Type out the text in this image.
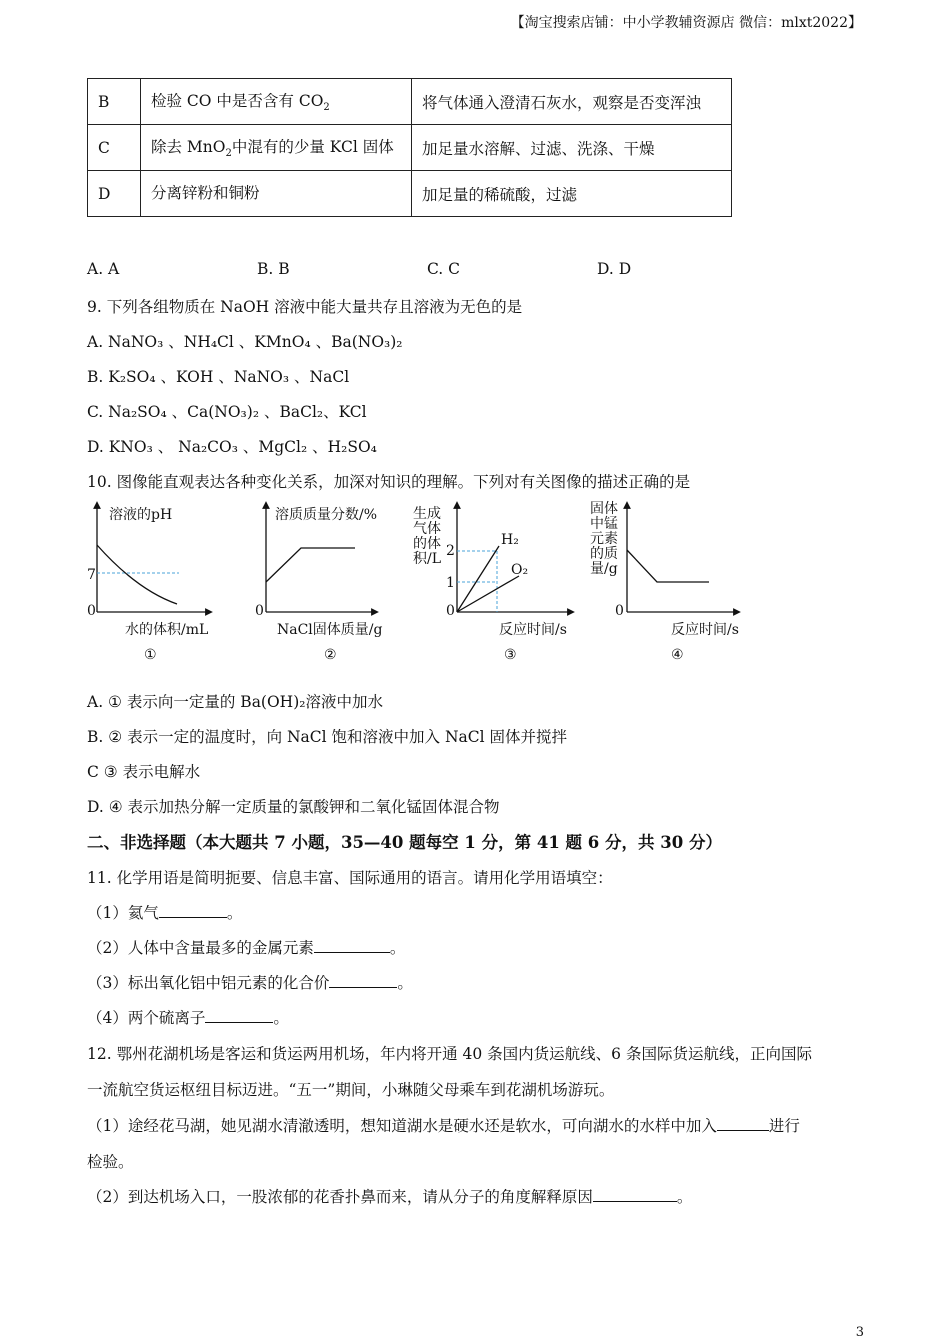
【淘宝搜索店铺：中小学教辅资源店 微信：mlxt2022】
B	检验 CO 中是否含有 $CO_2$	将气体通入澄清石灰水，观察是否变浑浊
C	除去 MnO$_2$中混有的少量 KCl 固体	加足量水溶解、过滤、洗涤、干燥
D	分离锌粉和铜粉	加足量的稀硫酸，过滤
A. A	B. B	C. C	D. D
9. 下列各组物质在 NaOH 溶液中能大量共存且溶液为无色的是
A. NaNO₃ 、NH₄Cl 、KMnO₄ 、Ba(NO₃)₂
B. K₂SO₄ 、KOH 、NaNO₃ 、NaCl
C. Na₂SO₄ 、Ca(NO₃)₂ 、BaCl₂、KCl
D. KNO₃ 、 Na₂CO₃ 、MgCl₂ 、H₂SO₄
10. 图像能直观表达各种变化关系，加深对知识的理解。下列对有关图像的描述正确的是
溶液的pH
7
0
水的体积/mL
①
溶质质量分数/%
0
NaCl固体质量/g
②
生成
气体
的体
积/L 2
1
0
H₂
O₂
反应时间/s
③
固体
中锰
元素
的质
量/g
0
反应时间/s
④
A. ① 表示向一定量的 Ba(OH)₂溶液中加水
B. ② 表示一定的温度时，向 NaCl 饱和溶液中加入 NaCl 固体并搅拌
C ③ 表示电解水
D. ④ 表示加热分解一定质量的氯酸钾和二氧化锰固体混合物
二、非选择题（本大题共 7 小题，35—40 题每空 1 分，第 41 题 6 分，共 30 分）
11. 化学用语是简明扼要、信息丰富、国际通用的语言。请用化学用语填空：
（1）氦气	。
（2）人体中含量最多的金属元素	。
（3）标出氧化铝中铝元素的化合价	。
（4）两个硫离子	。
12. 鄂州花湖机场是客运和货运两用机场，年内将开通 40 条国内货运航线、6 条国际货运航线，正向国际
一流航空货运枢纽目标迈进。“五一”期间，小琳随父母乘车到花湖机场游玩。
（1）途经花马湖，她见湖水清澈透明，想知道湖水是硬水还是软水，可向湖水的水样中加入	进行
检验。
（2）到达机场入口，一股浓郁的花香扑鼻而来，请从分子的角度解释原因	。
3
